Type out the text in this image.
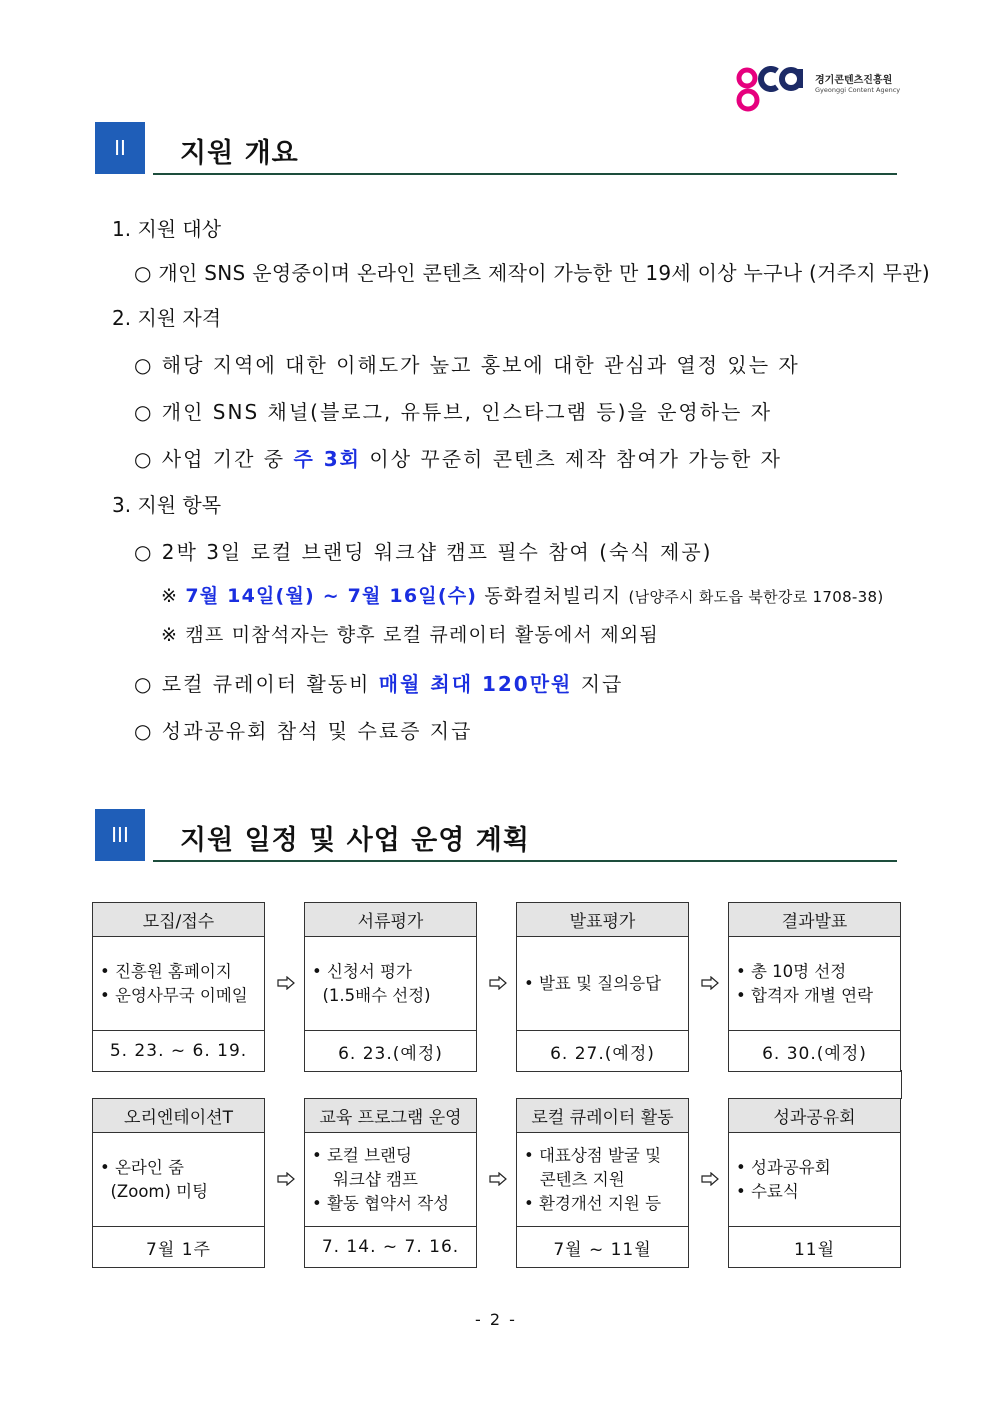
경기콘텐츠진흥원
Gyeonggi Content Agency
II	지원 개요
1. 지원 대상
○ 개인 SNS 운영중이며 온라인 콘텐츠 제작이 가능한 만 19세 이상 누구나 (거주지 무관)
2. 지원 자격
○ 해당 지역에 대한 이해도가 높고 홍보에 대한 관심과 열정 있는 자
○ 개인 SNS 채널(블로그, 유튜브, 인스타그램 등)을 운영하는 자
○ 사업 기간 중 주 3회 이상 꾸준히 콘텐츠 제작 참여가 가능한 자
3. 지원 항목
○ 2박 3일 로컬 브랜딩 워크샵 캠프 필수 참여 (숙식 제공)
※ 7월 14일(월) ~ 7월 16일(수) 동화컬처빌리지 (남양주시 화도읍 북한강로 1708-38)
※ 캠프 미참석자는 향후 로컬 큐레이터 활동에서 제외됨
○ 로컬 큐레이터 활동비 매월 최대 120만원 지급
○ 성과공유회 참석 및 수료증 지급
III	지원 일정 및 사업 운영 계획
모집/접수
• 진흥원 홈페이지
• 운영사무국 이메일
5. 23. ~ 6. 19.
서류평가
• 신청서 평가
(1.5배수 선정)
6. 23.(예정)
발표평가
• 발표 및 질의응답
6. 27.(예정)
결과발표
• 총 10명 선정
• 합격자 개별 연락
6. 30.(예정)
오리엔테이션T
• 온라인 줌
(Zoom) 미팅
7월 1주
교육 프로그램 운영
• 로컬 브랜딩
워크샵 캠프
• 활동 협약서 작성
7. 14. ~ 7. 16.
로컬 큐레이터 활동
• 대표상점 발굴 및
콘텐츠 지원
• 환경개선 지원 등
7월 ~ 11월
성과공유회
• 성과공유회
• 수료식
11월
- 2 -
